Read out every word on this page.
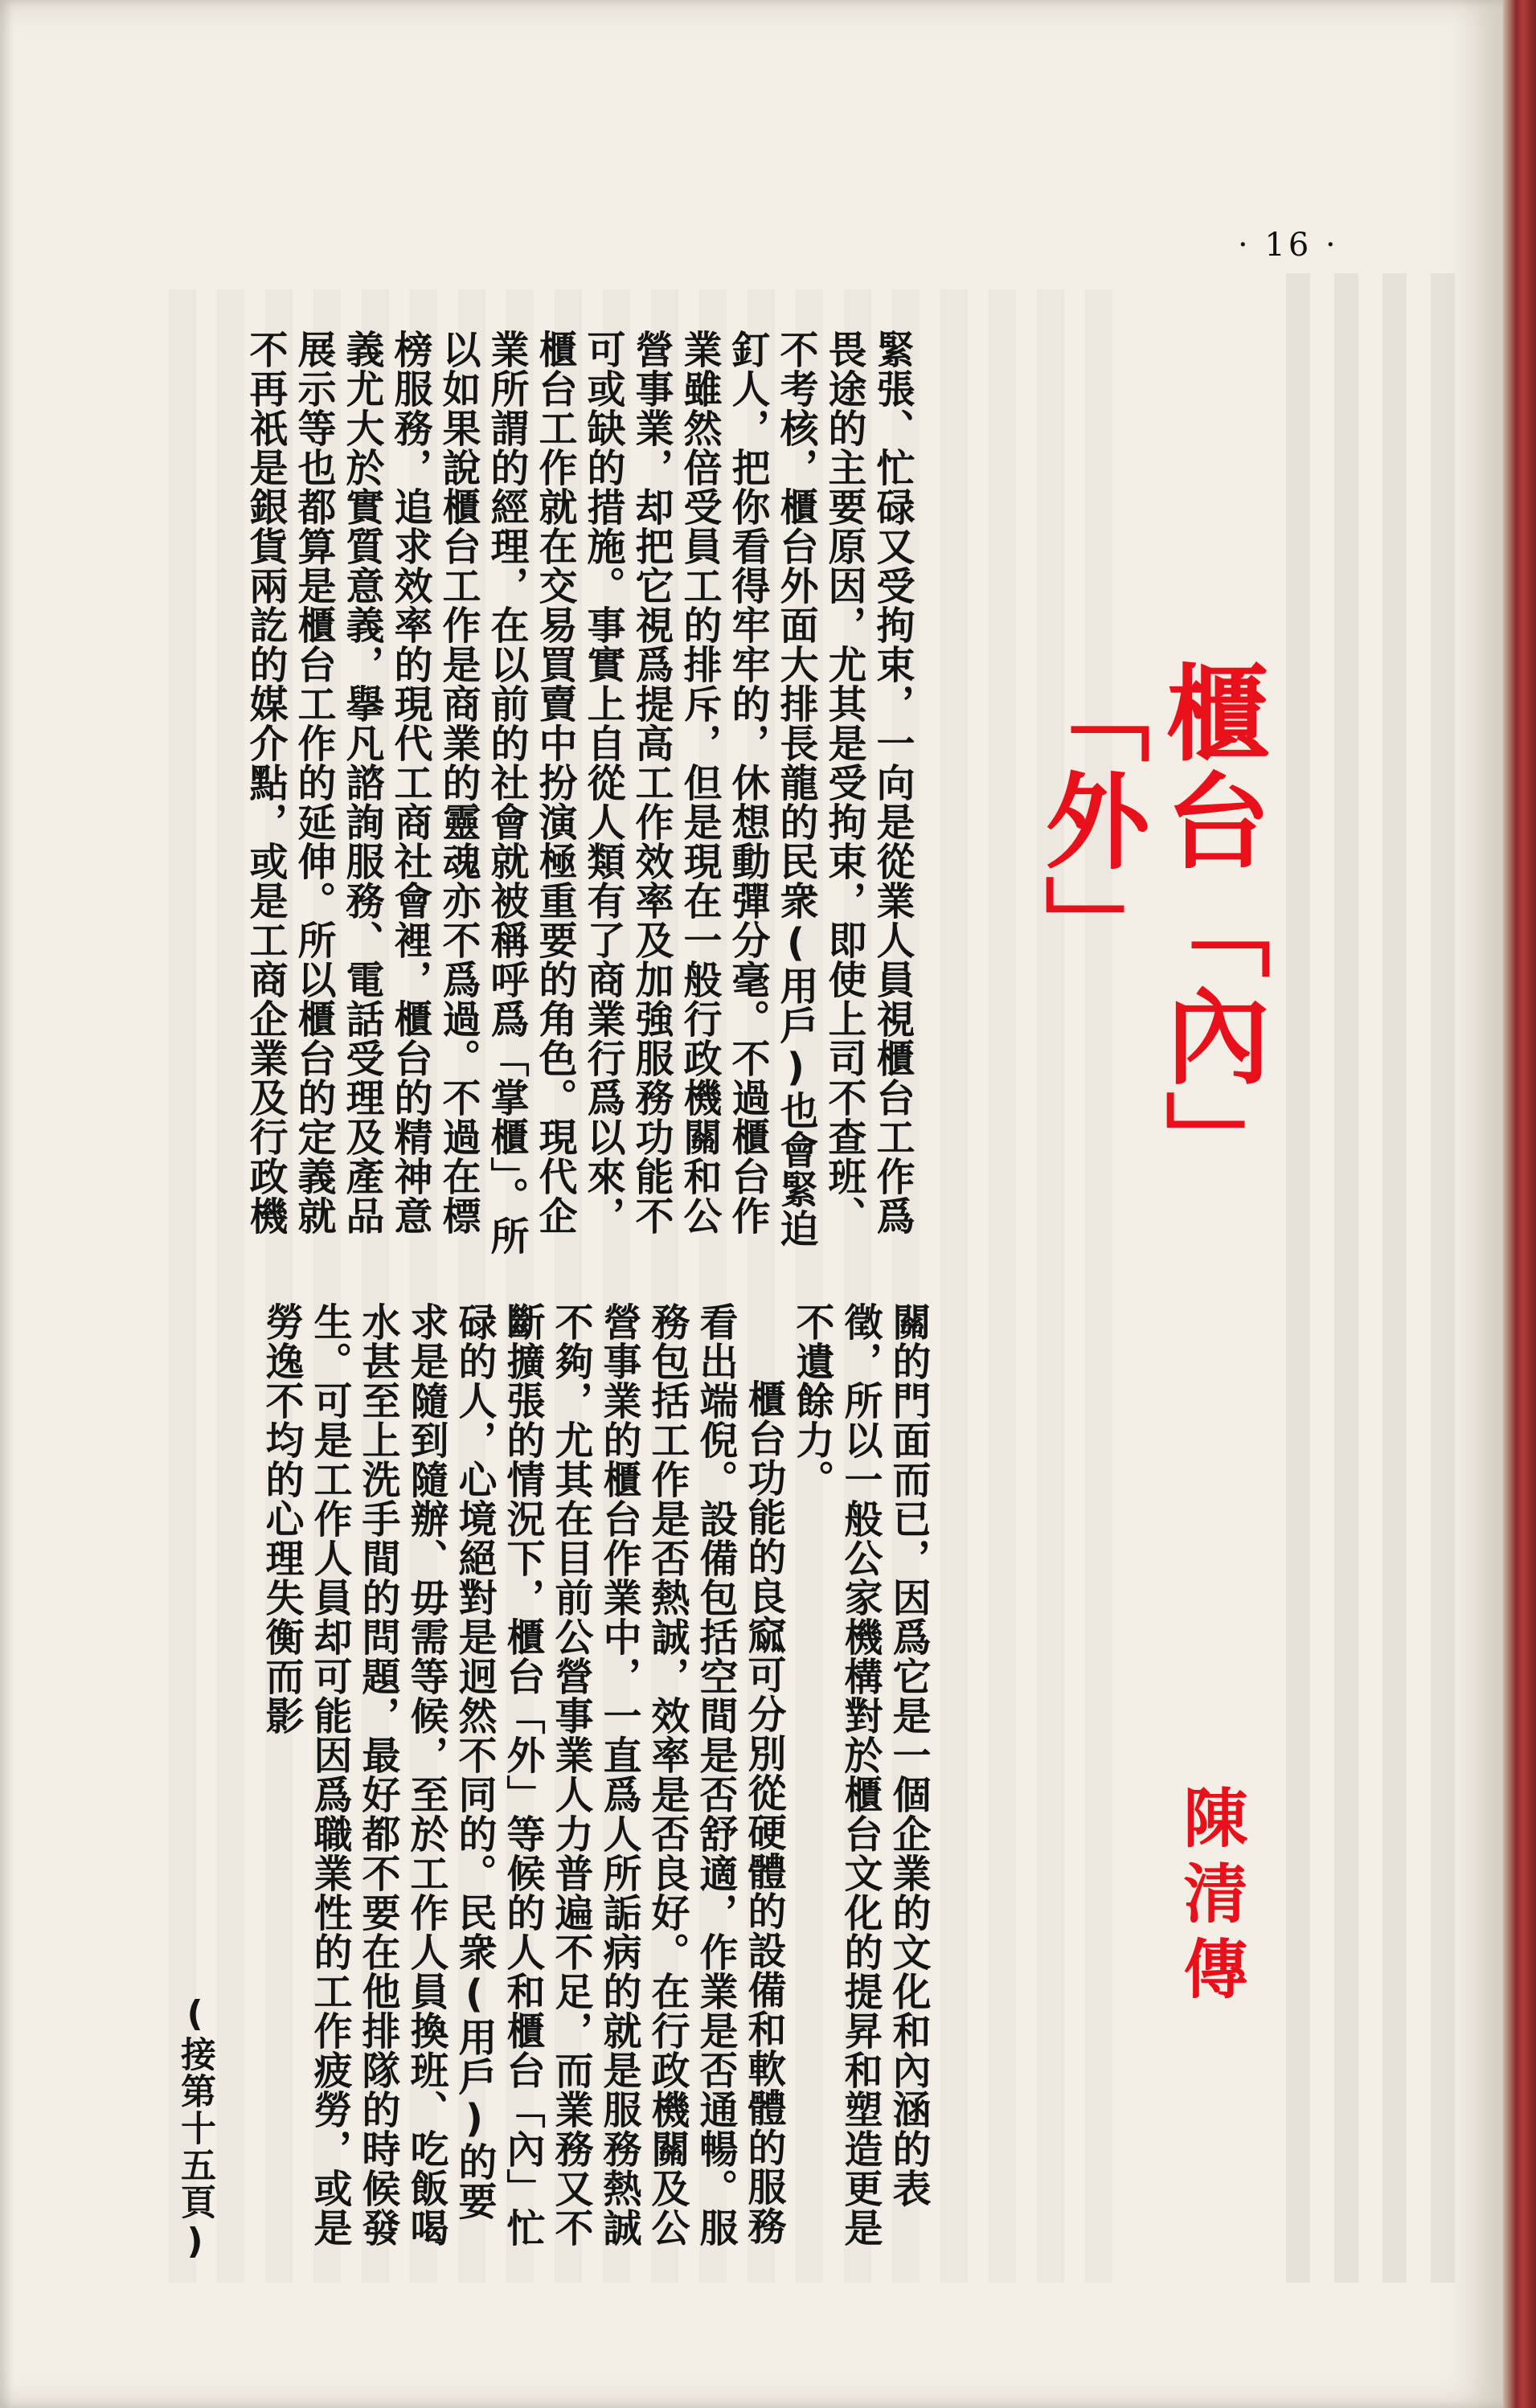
· 16 ·
櫃台「內」「外」
緊張、忙碌又受拘束，一向是從業人員視櫃台工作爲畏途的主要原因，尤其是受拘束，即使上司不查班、不考核，櫃台外面大排長龍的民衆(用戶)也會緊迫釘人，把你看得牢牢的，休想動彈分毫。不過櫃台作業雖然倍受員工的排斥，但是現在一般行政機關和公營事業，却把它視爲提高工作效率及加強服務功能不可或缺的措施。事實上自從人類有了商業行爲以來，櫃台工作就在交易買賣中扮演極重要的角色。現代企業所謂的經理，在以前的社會就被稱呼爲「掌櫃」。所以如果說櫃台工作是商業的靈魂亦不爲過。不過在標榜服務，追求效率的現代工商社會裡，櫃台的精神意義尤大於實質意義，擧凡諮詢服務、電話受理及產品展示等也都算是櫃台工作的延伸。所以櫃台的定義就不再祇是銀貨兩訖的媒介點，或是工商企業及行政機
關的門面而已，因爲它是一個企業的文化和內涵的表徵，所以一般公家機構對於櫃台文化的提昇和塑造更是不遺餘力。
櫃台功能的良窳可分別從硬體的設備和軟體的服務看出端倪。設備包括空間是否舒適，作業是否通暢。服務包括工作是否熱誠，效率是否良好。在行政機關及公營事業的櫃台作業中，一直爲人所詬病的就是服務熱誠不夠，尤其在目前公營事業人力普遍不足，而業務又不斷擴張的情況下，櫃台「外」等候的人和櫃台「內」忙碌的人，心境絕對是迥然不同的。民衆(用戶)的要求是隨到隨辦、毋需等候，至於工作人員換班、吃飯喝水甚至上洗手間的問題，最好都不要在他排隊的時候發生。可是工作人員却可能因爲職業性的工作疲勞，或是勞逸不均的心理失衡而影
(接第十五頁)
陳清傳
